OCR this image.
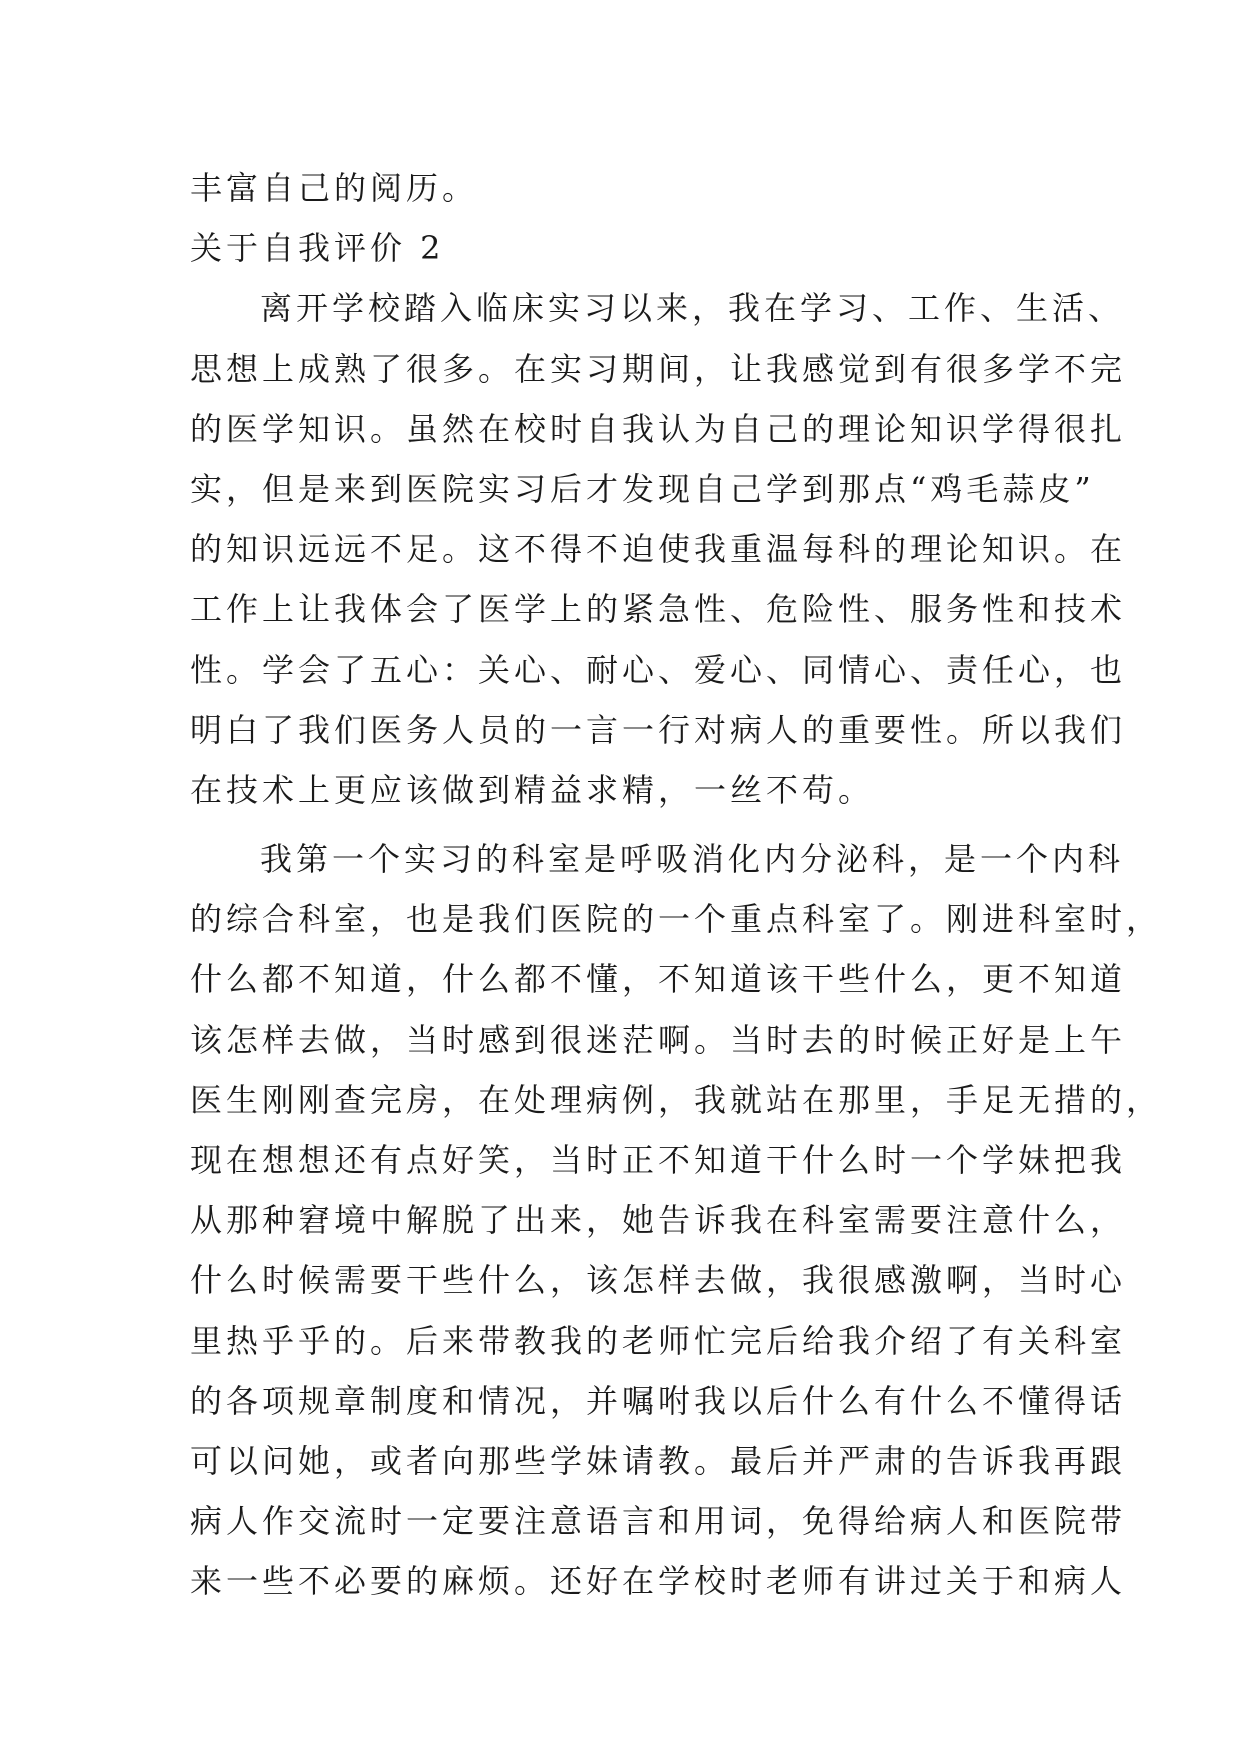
丰富自己的阅历。
关于自我评价 2
离开学校踏入临床实习以来，我在学习、工作、生活、
思想上成熟了很多。在实习期间，让我感觉到有很多学不完
的医学知识。虽然在校时自我认为自己的理论知识学得很扎
实，但是来到医院实习后才发现自己学到那点“鸡毛蒜皮”
的知识远远不足。这不得不迫使我重温每科的理论知识。在
工作上让我体会了医学上的紧急性、危险性、服务性和技术
性。学会了五心：关心、耐心、爱心、同情心、责任心，也
明白了我们医务人员的一言一行对病人的重要性。所以我们
在技术上更应该做到精益求精，一丝不苟。
我第一个实习的科室是呼吸消化内分泌科，是一个内科
的综合科室，也是我们医院的一个重点科室了。刚进科室时，
什么都不知道，什么都不懂，不知道该干些什么，更不知道
该怎样去做，当时感到很迷茫啊。当时去的时候正好是上午
医生刚刚查完房，在处理病例，我就站在那里，手足无措的，
现在想想还有点好笑，当时正不知道干什么时一个学妹把我
从那种窘境中解脱了出来，她告诉我在科室需要注意什么，
什么时候需要干些什么，该怎样去做，我很感激啊，当时心
里热乎乎的。后来带教我的老师忙完后给我介绍了有关科室
的各项规章制度和情况，并嘱咐我以后什么有什么不懂得话
可以问她，或者向那些学妹请教。最后并严肃的告诉我再跟
病人作交流时一定要注意语言和用词，免得给病人和医院带
来一些不必要的麻烦。还好在学校时老师有讲过关于和病人
